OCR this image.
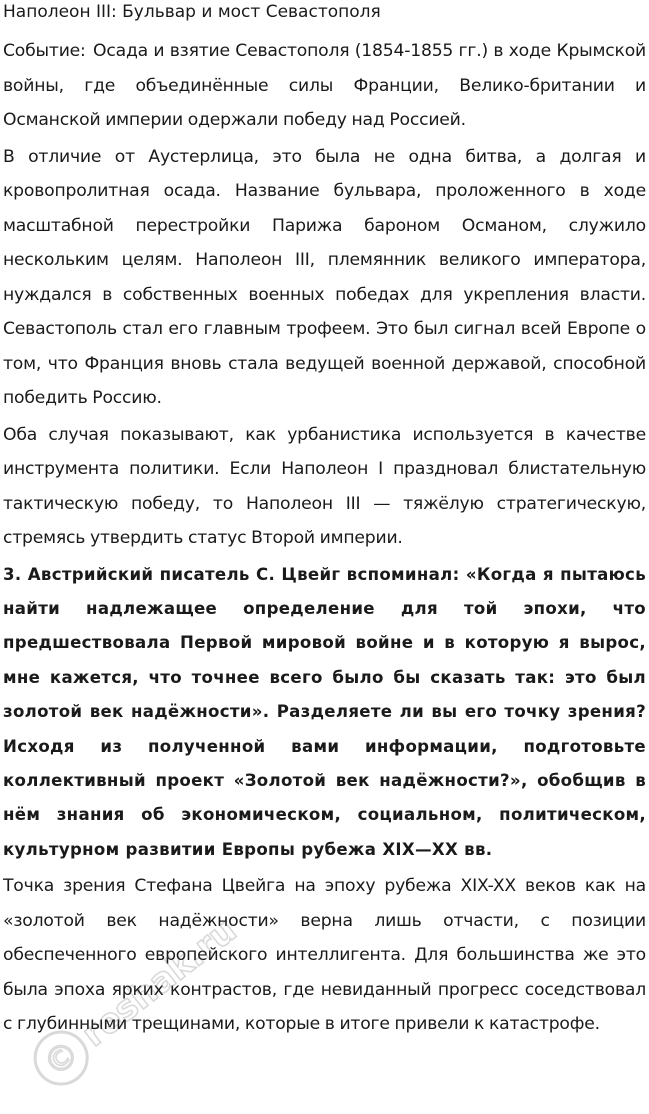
Наполеон III: Бульвар и мост Севастополя

Событие: Осада и взятие Севастополя (1854-1855 гг.) в ходе Крымской войны, где объединённые силы Франции, Велико-британии и Османской империи одержали победу над Россией.

В отличие от Аустерлица, это была не одна битва, а долгая и кровопролитная осада. Название бульвара, проложенного в ходе масштабной перестройки Парижа бароном Османом, служило нескольким целям. Наполеон III, племянник великого императора, нуждался в собственных военных победах для укрепления власти. Севастополь стал его главным трофеем. Это был сигнал всей Европе о том, что Франция вновь стала ведущей военной державой, способной победить Россию.

Оба случая показывают, как урбанистика используется в качестве инструмента политики. Если Наполеон I праздновал блистательную тактическую победу, то Наполеон III — тяжёлую стратегическую, стремясь утвердить статус Второй империи.

3. Австрийский писатель С. Цвейг вспоминал: «Когда я пытаюсь найти надлежащее определение для той эпохи, что предшествовала Первой мировой войне и в которую я вырос, мне кажется, что точнее всего было бы сказать так: это был золотой век надёжности». Разделяете ли вы его точку зрения? Исходя из полученной вами информации, подготовьте коллективный проект «Золотой век надёжности?», обобщив в нём знания об экономическом, социальном, политическом, культурном развитии Европы рубежа XIX—XX вв.

Точка зрения Стефана Цвейга на эпоху рубежа XIX-XX веков как на «золотой век надёжности» верна лишь отчасти, с позиции обеспеченного европейского интеллигента. Для большинства же это была эпоха ярких контрастов, где невиданный прогресс соседствовал с глубинными трещинами, которые в итоге привели к катастрофе.

©
reshak.ru
